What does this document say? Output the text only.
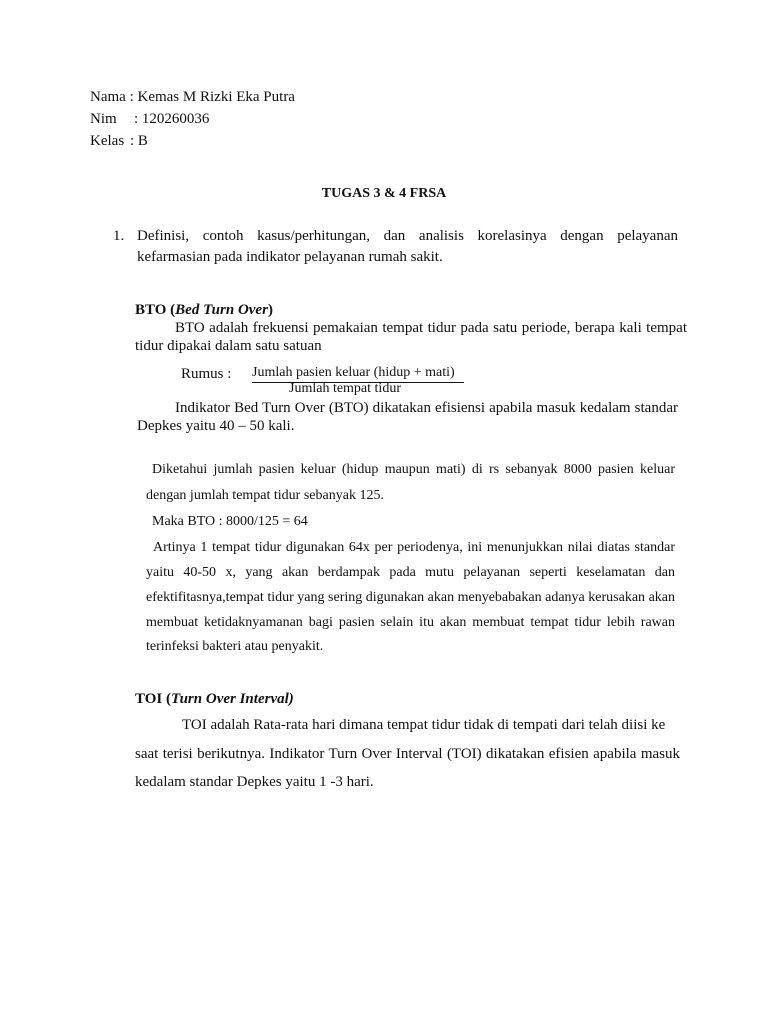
Nama : Kemas M Rizki Eka Putra
Nim : 120260036
Kelas : B
TUGAS 3 & 4 FRSA
1. Definisi, contoh kasus/perhitungan, dan analisis korelasinya dengan pelayanan
kefarmasian pada indikator pelayanan rumah sakit.
BTO (Bed Turn Over)
BTO adalah frekuensi pemakaian tempat tidur pada satu periode, berapa kali tempat
tidur dipakai dalam satu satuan
Rumus : Jumlah pasien keluar (hidup + mati)
Jumlah tempat tidur
Indikator Bed Turn Over (BTO) dikatakan efisiensi apabila masuk kedalam standar
Depkes yaitu 40 – 50 kali.
Diketahui jumlah pasien keluar (hidup maupun mati) di rs sebanyak 8000 pasien keluar
dengan jumlah tempat tidur sebanyak 125.
Maka BTO : 8000/125 = 64
Artinya 1 tempat tidur digunakan 64x per periodenya, ini menunjukkan nilai diatas standar
yaitu 40-50 x, yang akan berdampak pada mutu pelayanan seperti keselamatan dan
efektifitasnya,tempat tidur yang sering digunakan akan menyebabakan adanya kerusakan akan
membuat ketidaknyamanan bagi pasien selain itu akan membuat tempat tidur lebih rawan
terinfeksi bakteri atau penyakit.
TOI (Turn Over Interval)
TOI adalah Rata-rata hari dimana tempat tidur tidak di tempati dari telah diisi ke
saat terisi berikutnya. Indikator Turn Over Interval (TOI) dikatakan efisien apabila masuk
kedalam standar Depkes yaitu 1 -3 hari.
